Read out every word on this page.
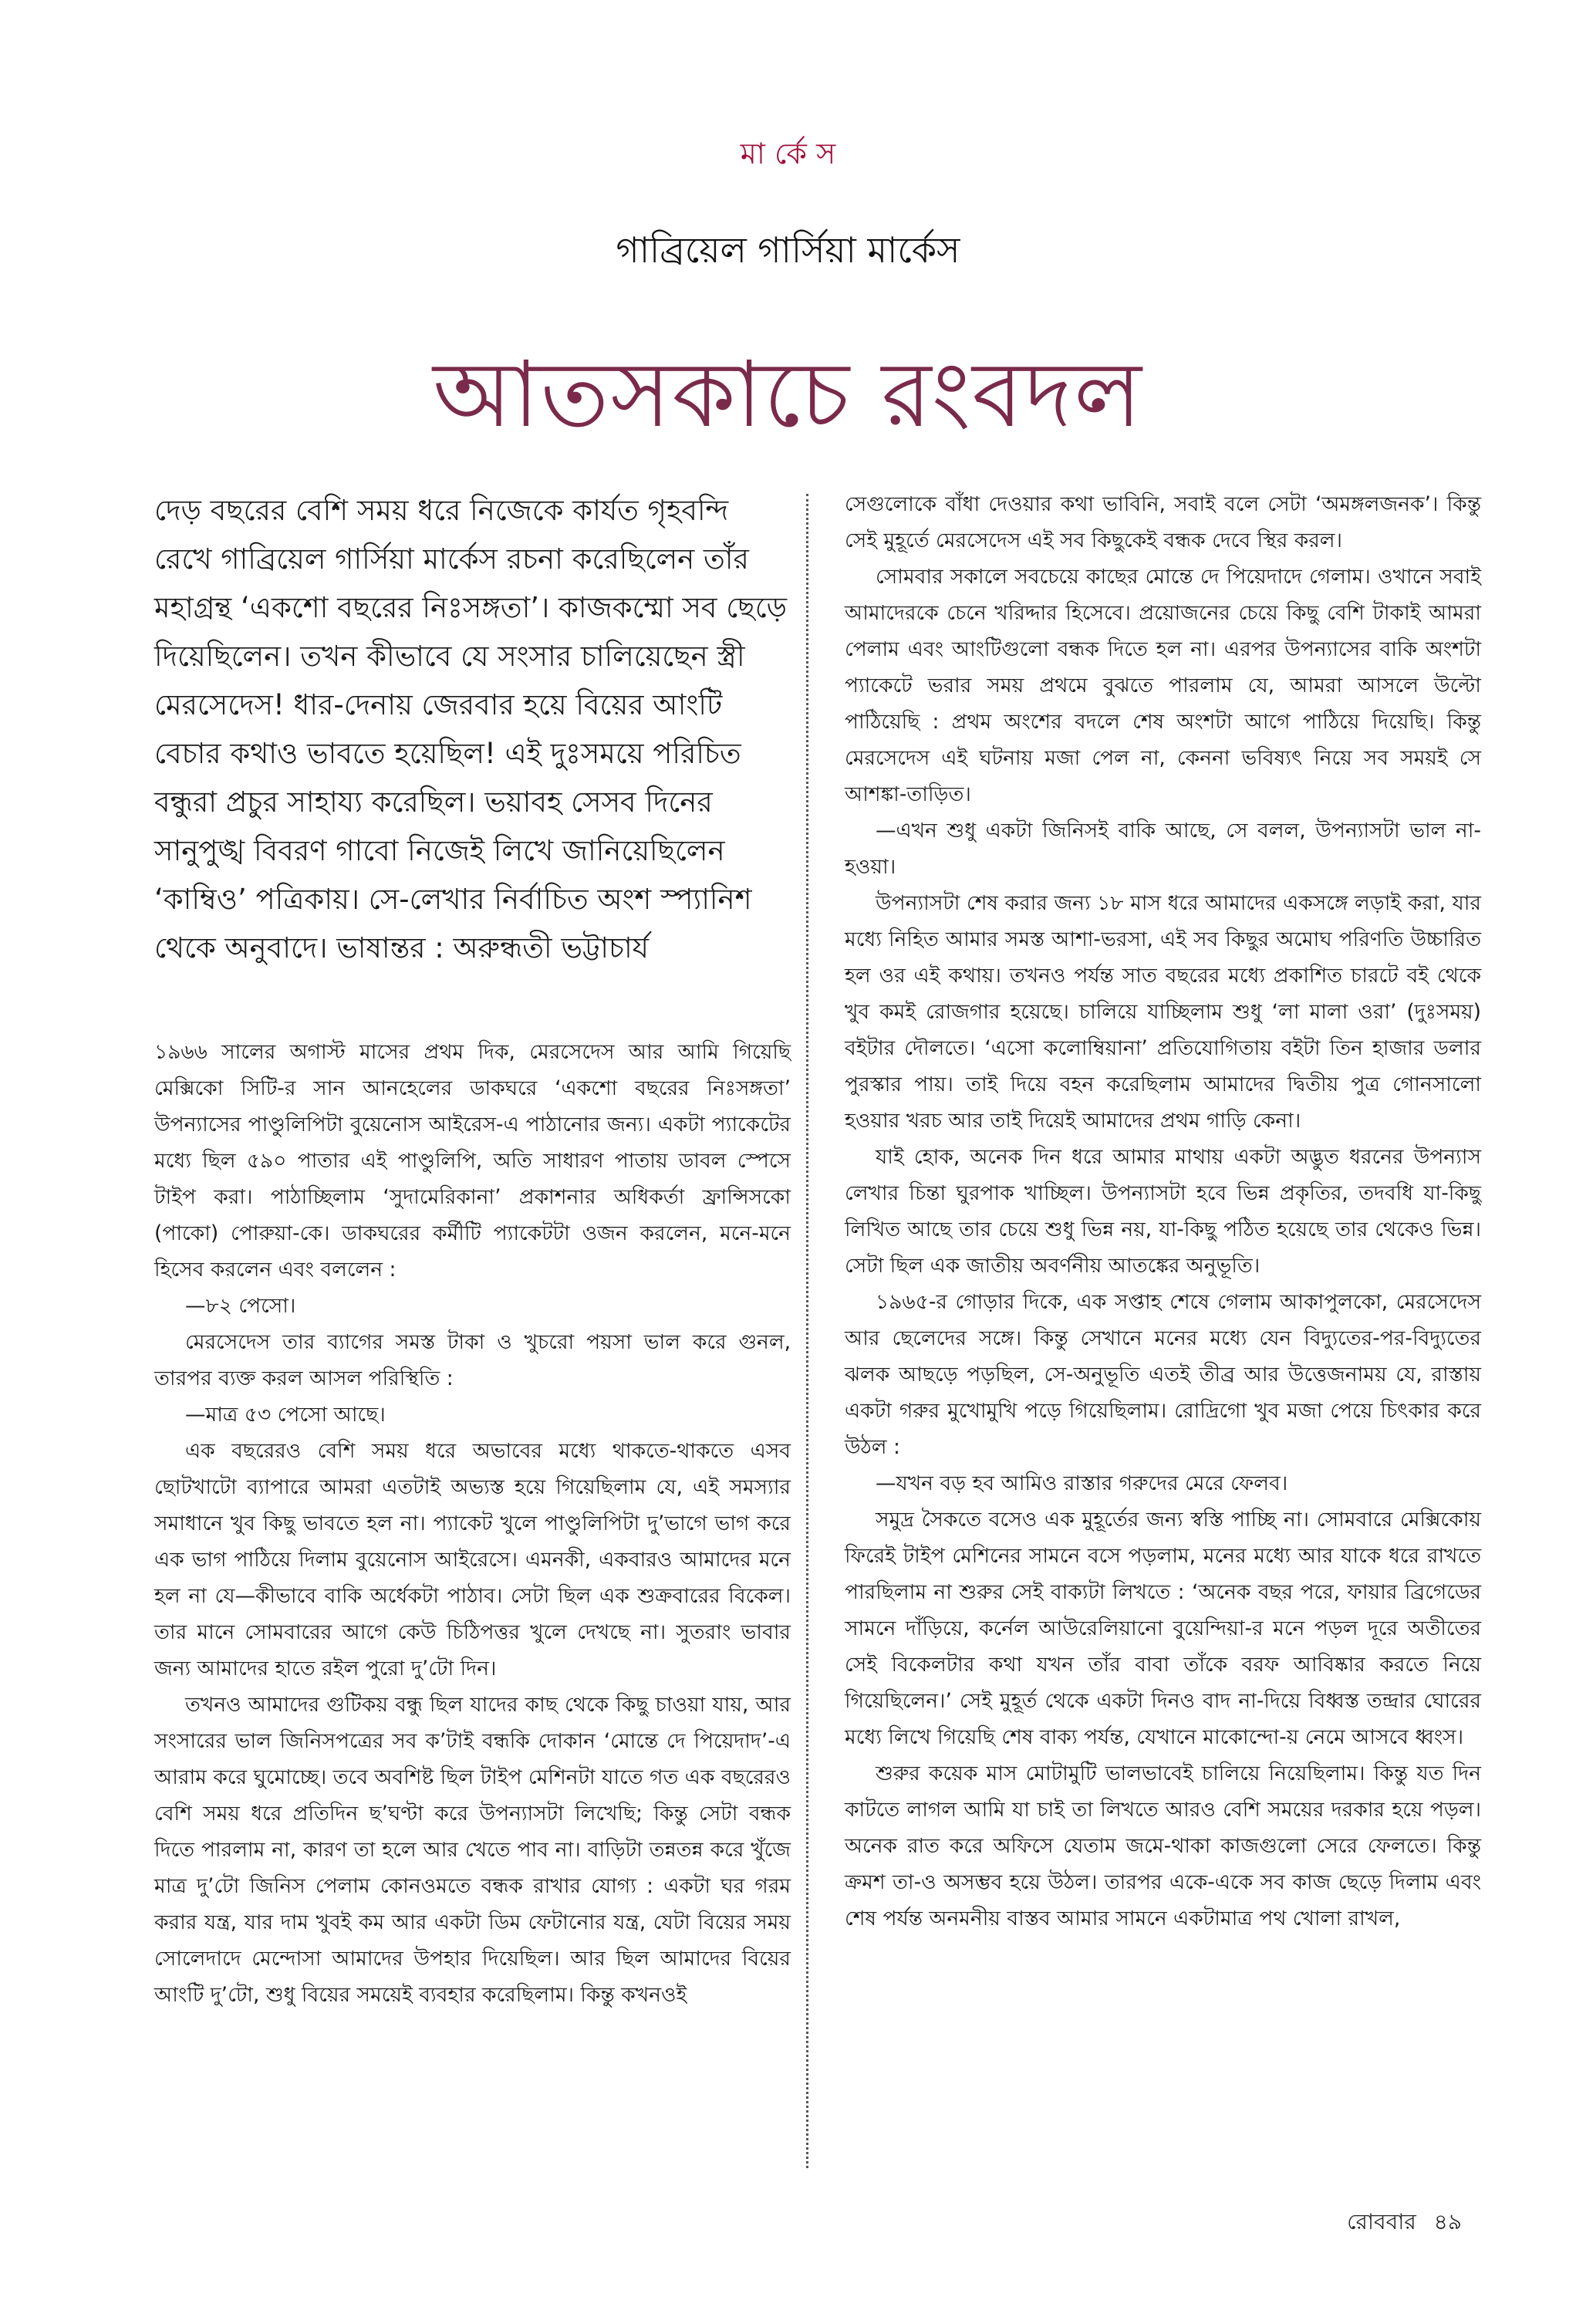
মা র্কে স
গাব্রিয়েল গার্সিয়া মার্কেস
আতসকাচে রংবদল

দেড় বছরের বেশি সময় ধরে নিজেকে কার্যত গৃহবন্দি রেখে গাব্রিয়েল গার্সিয়া মার্কেস রচনা করেছিলেন তাঁর মহাগ্রন্থ ‘একশো বছরের নিঃসঙ্গতা’। কাজকম্মো সব ছেড়ে দিয়েছিলেন। তখন কীভাবে যে সংসার চালিয়েছেন স্ত্রী মেরসেদেস! ধার-দেনায় জেরবার হয়ে বিয়ের আংটি বেচার কথাও ভাবতে হয়েছিল! এই দুঃসময়ে পরিচিত বন্ধুরা প্রচুর সাহায্য করেছিল। ভয়াবহ সেসব দিনের সানুপুঙ্খ বিবরণ গাবো নিজেই লিখে জানিয়েছিলেন ‘কাম্বিও’ পত্রিকায়। সে-লেখার নির্বাচিত অংশ স্প্যানিশ থেকে অনুবাদে। ভাষান্তর : অরুন্ধতী ভট্টাচার্য

১৯৬৬ সালের অগাস্ট মাসের প্রথম দিক, মেরসেদেস আর আমি গিয়েছি মেক্সিকো সিটি-র সান আনহেলের ডাকঘরে ‘একশো বছরের নিঃসঙ্গতা’ উপন্যাসের পাণ্ডুলিপিটা বুয়েনোস আইরেস-এ পাঠানোর জন্য। একটা প্যাকেটের মধ্যে ছিল ৫৯০ পাতার এই পাণ্ডুলিপি, অতি সাধারণ পাতায় ডাবল স্পেসে টাইপ করা। পাঠাচ্ছিলাম ‘সুদামেরিকানা’ প্রকাশনার অধিকর্তা ফ্রান্সিসকো (পাকো) পোরুয়া-কে। ডাকঘরের কর্মীটি প্যাকেটটা ওজন করলেন, মনে-মনে হিসেব করলেন এবং বললেন :

—৮২ পেসো।

মেরসেদেস তার ব্যাগের সমস্ত টাকা ও খুচরো পয়সা ভাল করে গুনল, তারপর ব্যক্ত করল আসল পরিস্থিতি :

—মাত্র ৫৩ পেসো আছে।

এক বছরেরও বেশি সময় ধরে অভাবের মধ্যে থাকতে-থাকতে এসব ছোটখাটো ব্যাপারে আমরা এতটাই অভ্যস্ত হয়ে গিয়েছিলাম যে, এই সমস্যার সমাধানে খুব কিছু ভাবতে হল না। প্যাকেট খুলে পাণ্ডুলিপিটা দু’ভাগে ভাগ করে এক ভাগ পাঠিয়ে দিলাম বুয়েনোস আইরেসে। এমনকী, একবারও আমাদের মনে হল না যে—কীভাবে বাকি অর্ধেকটা পাঠাব। সেটা ছিল এক শুক্রবারের বিকেল। তার মানে সোমবারের আগে কেউ চিঠিপত্তর খুলে দেখছে না। সুতরাং ভাবার জন্য আমাদের হাতে রইল পুরো দু’টো দিন।

তখনও আমাদের গুটিকয় বন্ধু ছিল যাদের কাছ থেকে কিছু চাওয়া যায়, আর সংসারের ভাল জিনিসপত্রের সব ক’টাই বন্ধকি দোকান ‘মোন্তে দে পিয়েদাদ’-এ আরাম করে ঘুমোচ্ছে। তবে অবশিষ্ট ছিল টাইপ মেশিনটা যাতে গত এক বছরেরও বেশি সময় ধরে প্রতিদিন ছ’ঘণ্টা করে উপন্যাসটা লিখেছি; কিন্তু সেটা বন্ধক দিতে পারলাম না, কারণ তা হলে আর খেতে পাব না। বাড়িটা তন্নতন্ন করে খুঁজে মাত্র দু’টো জিনিস পেলাম কোনওমতে বন্ধক রাখার যোগ্য : একটা ঘর গরম করার যন্ত্র, যার দাম খুবই কম আর একটা ডিম ফেটানোর যন্ত্র, যেটা বিয়ের সময় সোলেদাদে মেন্দোসা আমাদের উপহার দিয়েছিল। আর ছিল আমাদের বিয়ের আংটি দু’টো, শুধু বিয়ের সময়েই ব্যবহার করেছিলাম। কিন্তু কখনওই

সেগুলোকে বাঁধা দেওয়ার কথা ভাবিনি, সবাই বলে সেটা ‘অমঙ্গলজনক’। কিন্তু সেই মুহূর্তে মেরসেদেস এই সব কিছুকেই বন্ধক দেবে স্থির করল।

সোমবার সকালে সবচেয়ে কাছের মোন্তে দে পিয়েদাদে গেলাম। ওখানে সবাই আমাদেরকে চেনে খরিদ্দার হিসেবে। প্রয়োজনের চেয়ে কিছু বেশি টাকাই আমরা পেলাম এবং আংটিগুলো বন্ধক দিতে হল না। এরপর উপন্যাসের বাকি অংশটা প্যাকেটে ভরার সময় প্রথমে বুঝতে পারলাম যে, আমরা আসলে উল্টো পাঠিয়েছি : প্রথম অংশের বদলে শেষ অংশটা আগে পাঠিয়ে দিয়েছি। কিন্তু মেরসেদেস এই ঘটনায় মজা পেল না, কেননা ভবিষ্যৎ নিয়ে সব সময়ই সে আশঙ্কা-তাড়িত।

—এখন শুধু একটা জিনিসই বাকি আছে, সে বলল, উপন্যাসটা ভাল না-হওয়া।

উপন্যাসটা শেষ করার জন্য ১৮ মাস ধরে আমাদের একসঙ্গে লড়াই করা, যার মধ্যে নিহিত আমার সমস্ত আশা-ভরসা, এই সব কিছুর অমোঘ পরিণতি উচ্চারিত হল ওর এই কথায়। তখনও পর্যন্ত সাত বছরের মধ্যে প্রকাশিত চারটে বই থেকে খুব কমই রোজগার হয়েছে। চালিয়ে যাচ্ছিলাম শুধু ‘লা মালা ওরা’ (দুঃসময়) বইটার দৌলতে। ‘এসো কলোম্বিয়ানা’ প্রতিযোগিতায় বইটা তিন হাজার ডলার পুরস্কার পায়। তাই দিয়ে বহন করেছিলাম আমাদের দ্বিতীয় পুত্র গোনসালো হওয়ার খরচ আর তাই দিয়েই আমাদের প্রথম গাড়ি কেনা।

যাই হোক, অনেক দিন ধরে আমার মাথায় একটা অদ্ভুত ধরনের উপন্যাস লেখার চিন্তা ঘুরপাক খাচ্ছিল। উপন্যাসটা হবে ভিন্ন প্রকৃতির, তদবধি যা-কিছু লিখিত আছে তার চেয়ে শুধু ভিন্ন নয়, যা-কিছু পঠিত হয়েছে তার থেকেও ভিন্ন। সেটা ছিল এক জাতীয় অবর্ণনীয় আতঙ্কের অনুভূতি।

১৯৬৫-র গোড়ার দিকে, এক সপ্তাহ শেষে গেলাম আকাপুলকো, মেরসেদেস আর ছেলেদের সঙ্গে। কিন্তু সেখানে মনের মধ্যে যেন বিদ্যুতের-পর-বিদ্যুতের ঝলক আছড়ে পড়ছিল, সে-অনুভূতি এতই তীব্র আর উত্তেজনাময় যে, রাস্তায় একটা গরুর মুখোমুখি পড়ে গিয়েছিলাম। রোদ্রিগো খুব মজা পেয়ে চিৎকার করে উঠল :

—যখন বড় হব আমিও রাস্তার গরুদের মেরে ফেলব।

সমুদ্র সৈকতে বসেও এক মুহূর্তের জন্য স্বস্তি পাচ্ছি না। সোমবারে মেক্সিকোয় ফিরেই টাইপ মেশিনের সামনে বসে পড়লাম, মনের মধ্যে আর যাকে ধরে রাখতে পারছিলাম না শুরুর সেই বাক্যটা লিখতে : ‘অনেক বছর পরে, ফায়ার ব্রিগেডের সামনে দাঁড়িয়ে, কর্নেল আউরেলিয়ানো বুয়েন্দিয়া-র মনে পড়ল দূরে অতীতের সেই বিকেলটার কথা যখন তাঁর বাবা তাঁকে বরফ আবিষ্কার করতে নিয়ে গিয়েছিলেন।’ সেই মুহূর্ত থেকে একটা দিনও বাদ না-দিয়ে বিধ্বস্ত তন্দ্রার ঘোরের মধ্যে লিখে গিয়েছি শেষ বাক্য পর্যন্ত, যেখানে মাকোন্দো-য় নেমে আসবে ধ্বংস।

শুরুর কয়েক মাস মোটামুটি ভালভাবেই চালিয়ে নিয়েছিলাম। কিন্তু যত দিন কাটতে লাগল আমি যা চাই তা লিখতে আরও বেশি সময়ের দরকার হয়ে পড়ল। অনেক রাত করে অফিসে যেতাম জমে-থাকা কাজগুলো সেরে ফেলতে। কিন্তু ক্রমশ তা-ও অসম্ভব হয়ে উঠল। তারপর একে-একে সব কাজ ছেড়ে দিলাম এবং শেষ পর্যন্ত অনমনীয় বাস্তব আমার সামনে একটামাত্র পথ খোলা রাখল,

রোববার ৪৯
